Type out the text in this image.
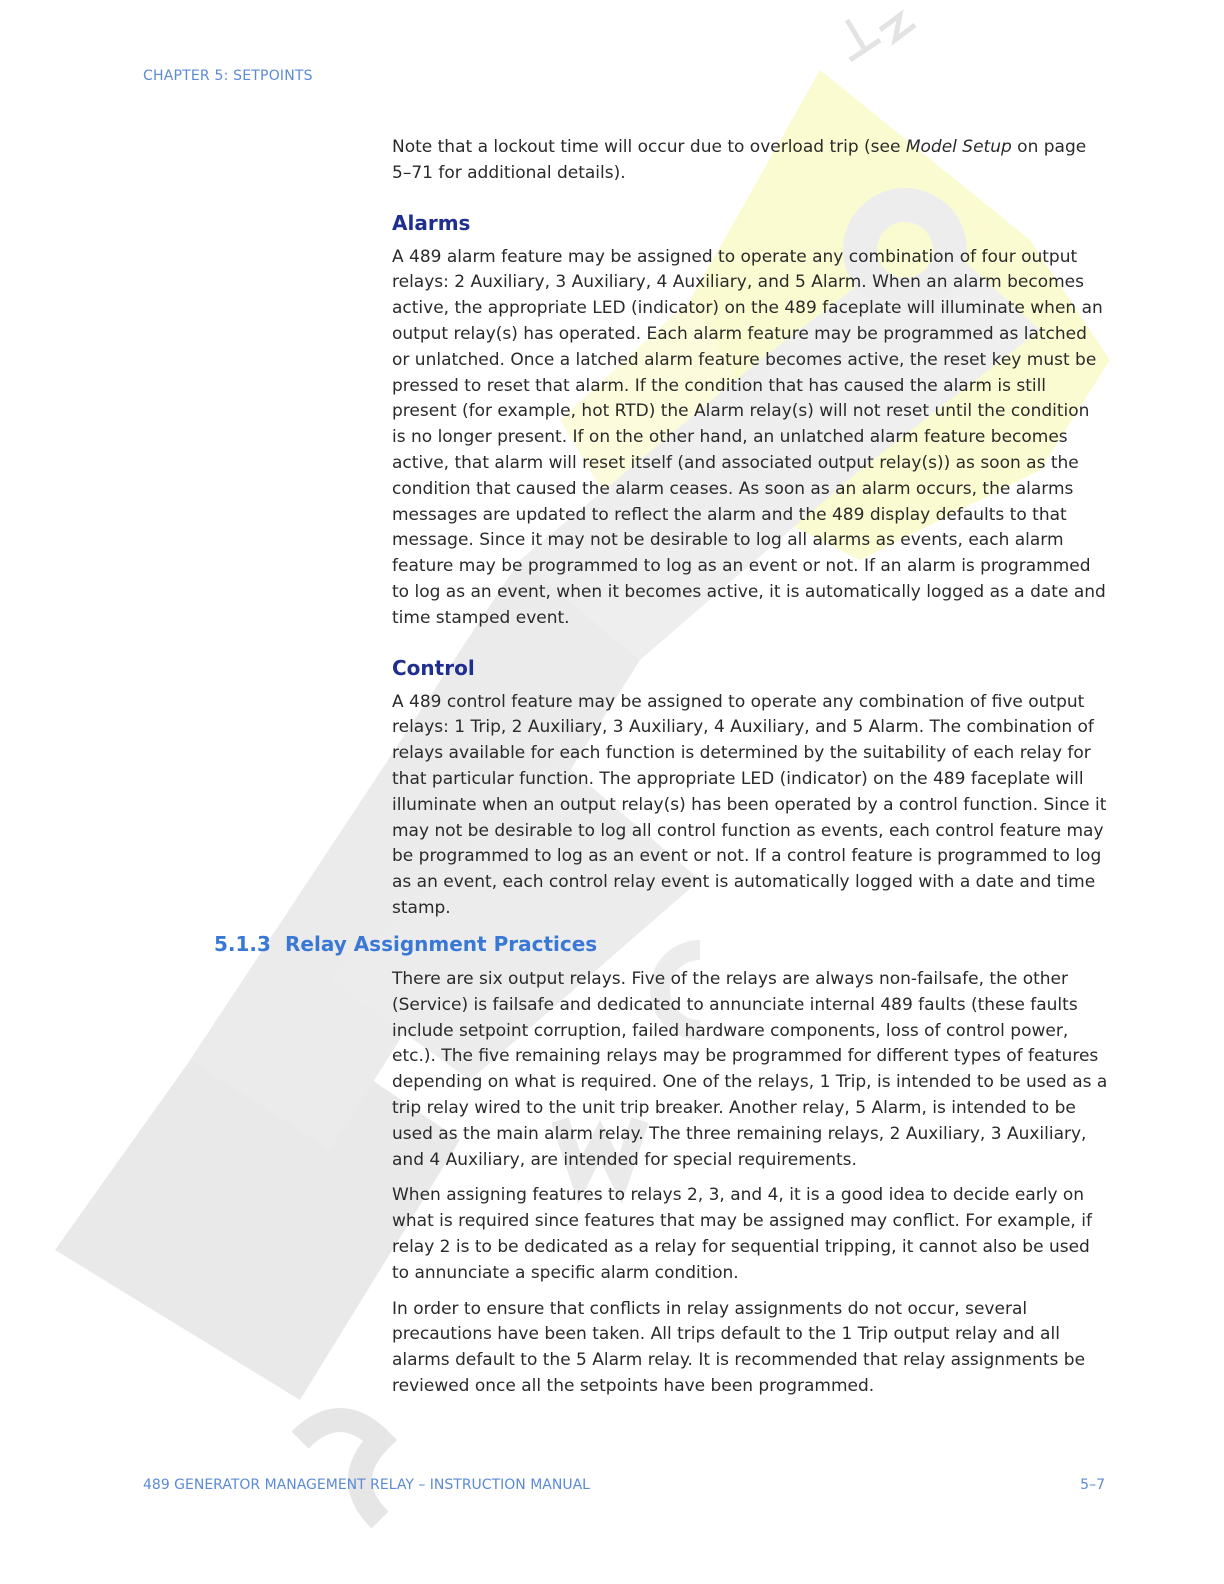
CHAPTER 5: SETPOINTS

Note that a lockout time will occur due to overload trip (see Model Setup on page 5–71 for additional details).

Alarms

A 489 alarm feature may be assigned to operate any combination of four output relays: 2 Auxiliary, 3 Auxiliary, 4 Auxiliary, and 5 Alarm. When an alarm becomes active, the appropriate LED (indicator) on the 489 faceplate will illuminate when an output relay(s) has operated. Each alarm feature may be programmed as latched or unlatched. Once a latched alarm feature becomes active, the reset key must be pressed to reset that alarm. If the condition that has caused the alarm is still present (for example, hot RTD) the Alarm relay(s) will not reset until the condition is no longer present. If on the other hand, an unlatched alarm feature becomes active, that alarm will reset itself (and associated output relay(s)) as soon as the condition that caused the alarm ceases. As soon as an alarm occurs, the alarms messages are updated to reflect the alarm and the 489 display defaults to that message. Since it may not be desirable to log all alarms as events, each alarm feature may be programmed to log as an event or not. If an alarm is programmed to log as an event, when it becomes active, it is automatically logged as a date and time stamped event.

Control

A 489 control feature may be assigned to operate any combination of five output relays: 1 Trip, 2 Auxiliary, 3 Auxiliary, 4 Auxiliary, and 5 Alarm. The combination of relays available for each function is determined by the suitability of each relay for that particular function. The appropriate LED (indicator) on the 489 faceplate will illuminate when an output relay(s) has been operated by a control function. Since it may not be desirable to log all control function as events, each control feature may be programmed to log as an event or not. If a control feature is programmed to log as an event, each control relay event is automatically logged with a date and time stamp.

5.1.3 Relay Assignment Practices

There are six output relays. Five of the relays are always non-failsafe, the other (Service) is failsafe and dedicated to annunciate internal 489 faults (these faults include setpoint corruption, failed hardware components, loss of control power, etc.). The five remaining relays may be programmed for different types of features depending on what is required. One of the relays, 1 Trip, is intended to be used as a trip relay wired to the unit trip breaker. Another relay, 5 Alarm, is intended to be used as the main alarm relay. The three remaining relays, 2 Auxiliary, 3 Auxiliary, and 4 Auxiliary, are intended for special requirements.

When assigning features to relays 2, 3, and 4, it is a good idea to decide early on what is required since features that may be assigned may conflict. For example, if relay 2 is to be dedicated as a relay for sequential tripping, it cannot also be used to annunciate a specific alarm condition.

In order to ensure that conflicts in relay assignments do not occur, several precautions have been taken. All trips default to the 1 Trip output relay and all alarms default to the 5 Alarm relay. It is recommended that relay assignments be reviewed once all the setpoints have been programmed.

489 GENERATOR MANAGEMENT RELAY – INSTRUCTION MANUAL	5–7
